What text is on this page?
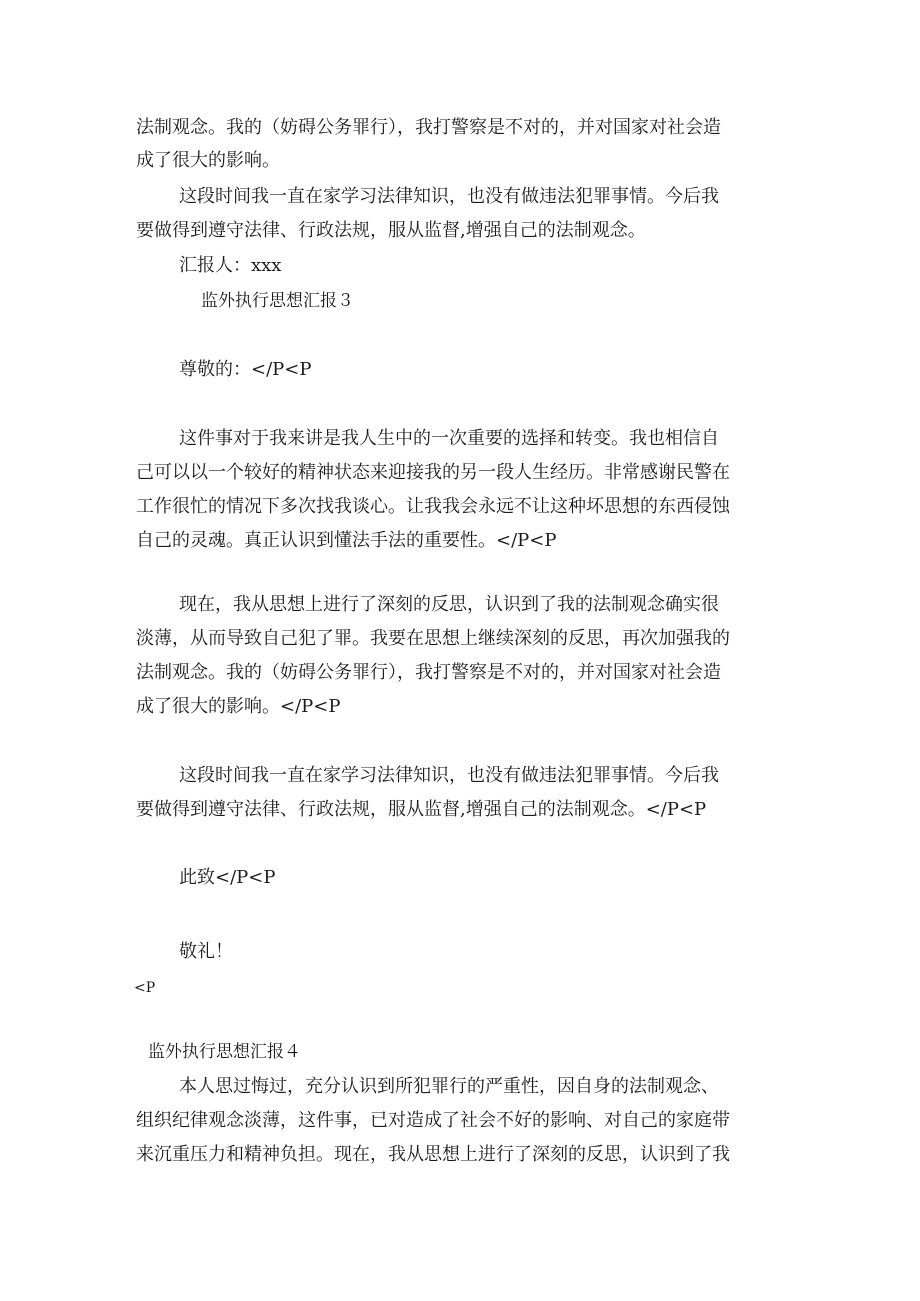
法制观念。我的（妨碍公务罪行），我打警察是不对的，并对国家对社会造
成了很大的影响。
这段时间我一直在家学习法律知识，也没有做违法犯罪事情。今后我
要做得到遵守法律、行政法规，服从监督,增强自己的法制观念。
汇报人：xxx
监外执行思想汇报３
尊敬的：</P<P
这件事对于我来讲是我人生中的一次重要的选择和转变。我也相信自
己可以以一个较好的精神状态来迎接我的另一段人生经历。非常感谢民警在
工作很忙的情况下多次找我谈心。让我我会永远不让这种坏思想的东西侵蚀
自己的灵魂。真正认识到懂法手法的重要性。</P<P
现在，我从思想上进行了深刻的反思，认识到了我的法制观念确实很
淡薄，从而导致自己犯了罪。我要在思想上继续深刻的反思，再次加强我的
法制观念。我的（妨碍公务罪行），我打警察是不对的，并对国家对社会造
成了很大的影响。</P<P
这段时间我一直在家学习法律知识，也没有做违法犯罪事情。今后我
要做得到遵守法律、行政法规，服从监督,增强自己的法制观念。</P<P
此致</P<P
敬礼！
<P
监外执行思想汇报４
本人思过悔过，充分认识到所犯罪行的严重性，因自身的法制观念、
组织纪律观念淡薄，这件事，已对造成了社会不好的影响、对自己的家庭带
来沉重压力和精神负担。现在，我从思想上进行了深刻的反思，认识到了我
